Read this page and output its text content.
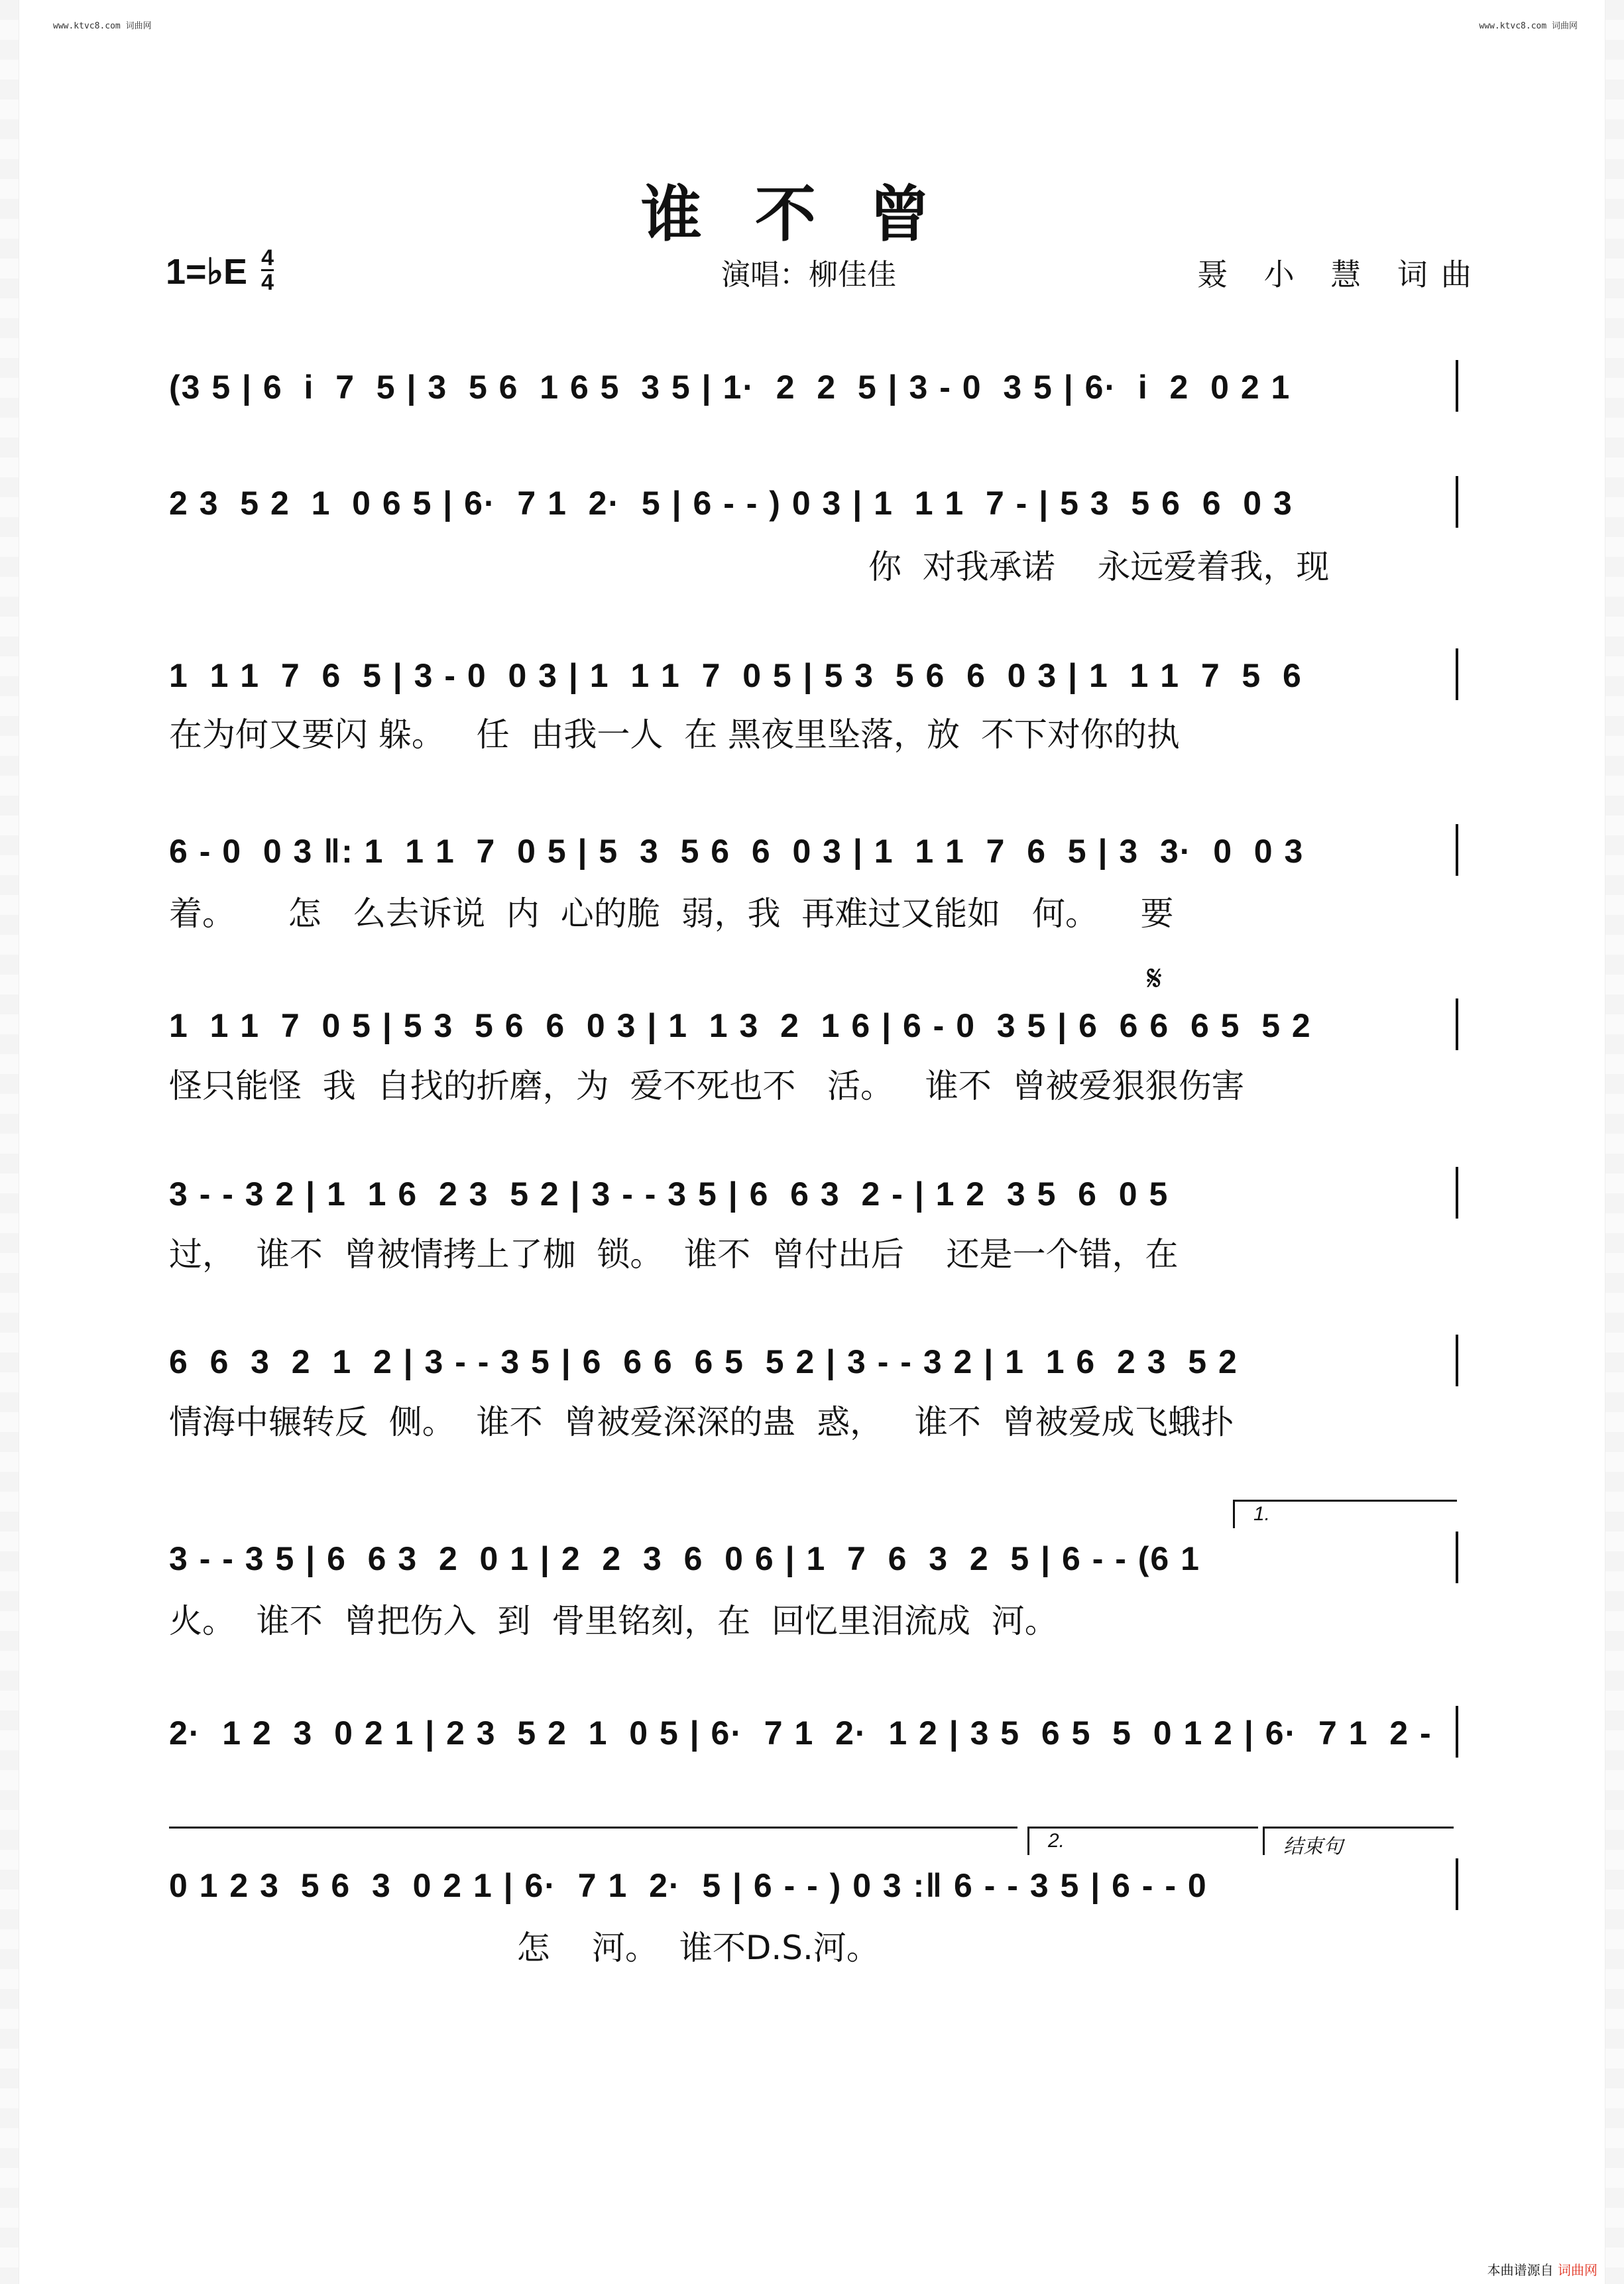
www.ktvc8.com 词曲网	www.ktvc8.com 词曲网
谁不曾
1=♭E $\frac{4}{4}$	演唱：柳佳佳	聂 小 慧 词曲
(3 5 | 6  i  7  5 | 3  5 6  1 6 5  3 5 | 1·  2  2  5 | 3 - 0  3 5 | 6·  i  2  0 2 1
2 3  5 2  1  0 6 5 | 6·  7 1  2·  5 | 6 - - ) 0 3 | 1  1 1  7 - | 5 3  5 6  6  0 3
你  对我承诺    永远爱着我，现
1  1 1  7  6  5 | 3 - 0  0 3 | 1  1 1  7  0 5 | 5 3  5 6  6  0 3 | 1  1 1  7  5  6
在为何又要闪 躲。   任  由我一人  在 黑夜里坠落，放  不下对你的执
6 - 0  0 3 ‖: 1  1 1  7  0 5 | 5  3  5 6  6  0 3 | 1  1 1  7  6  5 | 3  3·  0  0 3
着。     怎   么去诉说  内  心的脆  弱，我  再难过又能如   何。    要
𝄋
1  1 1  7  0 5 | 5 3  5 6  6  0 3 | 1  1 3  2  1 6 | 6 - 0  3 5 | 6  6 6  6 5  5 2
怪只能怪  我  自找的折磨，为  爱不死也不   活。   谁不  曾被爱狠狠伤害
3 - - 3 2 | 1  1 6  2 3  5 2 | 3 - - 3 5 | 6  6 3  2 - | 1 2  3 5  6  0 5
过，  谁不  曾被情拷上了枷  锁。  谁不  曾付出后    还是一个错，在
6  6  3  2  1  2 | 3 - - 3 5 | 6  6 6  6 5  5 2 | 3 - - 3 2 | 1  1 6  2 3  5 2
情海中辗转反  侧。  谁不  曾被爱深深的蛊  惑，   谁不  曾被爱成飞蛾扑
1.
3 - - 3 5 | 6  6 3  2  0 1 | 2  2  3  6  0 6 | 1  7  6  3  2  5 | 6 - - (6 1
火。  谁不  曾把伤入  到  骨里铭刻，在  回忆里泪流成  河。
2·  1 2  3  0 2 1 | 2 3  5 2  1  0 5 | 6·  7 1  2·  1 2 | 3 5  6 5  5  0 1 2 | 6·  7 1  2 -
2.	结束句
0 1 2 3  5 6  3  0 2 1 | 6·  7 1  2·  5 | 6 - - ) 0 3 :‖ 6 - - 3 5 | 6 - - 0
怎    河。  谁不D.S.河。
本曲谱源自 词曲网
